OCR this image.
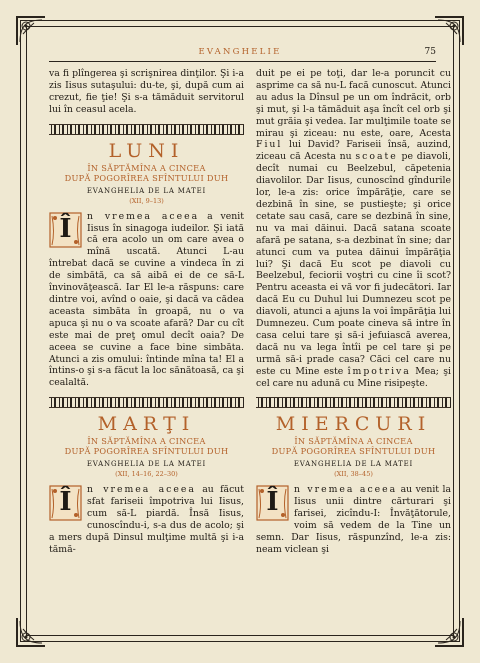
EVANGHELIE	75

va fi plîngerea şi scrişnirea dinţilor. Şi i-a zis Iisus sutaşului: du-te, şi, după cum ai crezut, fie ţie! Şi s-a tămăduit servitorul lui în ceasul acela.

LUNI
ÎN SĂPTĂMÎNA A CINCEA
DUPĂ POGORÎREA SFÎNTULUI DUH
EVANGHELIA DE LA MATEI
(XII, 9–13)

Î	n vremea aceea a venit Iisus în sinagoga iudeilor. Şi iată că era acolo un om care avea o mînă uscată. Atunci L-au întrebat dacă se cuvine a vindeca în zi de simbătă, ca să aibă ei de ce să-L învinovăţească. Iar El le-a răspuns: care dintre voi, avînd o oaie, şi dacă va cădea aceasta simbăta în groapă, nu o va apuca şi nu o va scoate afară? Dar cu cît este mai de preţ omul decît oaia? De aceea se cuvine a face bine simbăta. Atunci a zis omului: întinde mîna ta! El a întins-o şi s-a făcut la loc sănătoasă, ca şi cealaltă.

MARŢI
ÎN SĂPTĂMÎNA A CINCEA
DUPĂ POGORÎREA SFÎNTULUI DUH
EVANGHELIA DE LA MATEI
(XII, 14–16, 22–30)

Î	n vremea aceea au făcut sfat fariseii împotriva lui Iisus, cum să-L piardă. Însă Iisus, cunoscîndu-i, s-a dus de acolo; şi a mers după Dinsul mulţime multă şi i-a tămă-

duit pe ei pe toţi, dar le-a poruncit cu asprime ca să nu-L facă cunoscut. Atunci au adus la Dînsul pe un om îndrăcit, orb şi mut, şi l-a tămăduit aşa încît cel orb şi mut grăia şi vedea. Iar mulţimile toate se mirau şi ziceau: nu este, oare, Acesta Fiul lui David? Fariseii însă, auzind, ziceau că Acesta nu scoate pe diavoli, decît numai cu Beelzebul, căpetenia diavolilor. Dar Iisus, cunoscînd gîndurile lor, le-a zis: orice împărăţie, care se dezbină în sine, se pustieşte; şi orice cetate sau casă, care se dezbină în sine, nu va mai dăinui. Dacă satana scoate afară pe satana, s-a dezbinat în sine; dar atunci cum va putea dăinui împărăţia lui? Şi dacă Eu scot pe diavoli cu Beelzebul, feciorii voştri cu cine îi scot? Pentru aceasta ei vă vor fi judecători. Iar dacă Eu cu Duhul lui Dumnezeu scot pe diavoli, atunci a ajuns la voi împărăţia lui Dumnezeu. Cum poate cineva să intre în casa celui tare şi să-i jefuiască averea, dacă nu va lega întîi pe cel tare şi pe urmă să-i prade casa? Căci cel care nu este cu Mine este împotriva Mea; şi cel care nu adună cu Mine risipeşte.

MIERCURI
ÎN SĂPTĂMÎNA A CINCEA
DUPĂ POGORÎREA SFÎNTULUI DUH
EVANGHELIA DE LA MATEI
(XII, 38–45)

Î	n vremea aceea au venit la Iisus unii dintre cărturari şi farisei, zicîndu-I: Învăţătorule, voim să vedem de la Tine un semn. Dar Iisus, răspunzînd, le-a zis: neam viclean şi
